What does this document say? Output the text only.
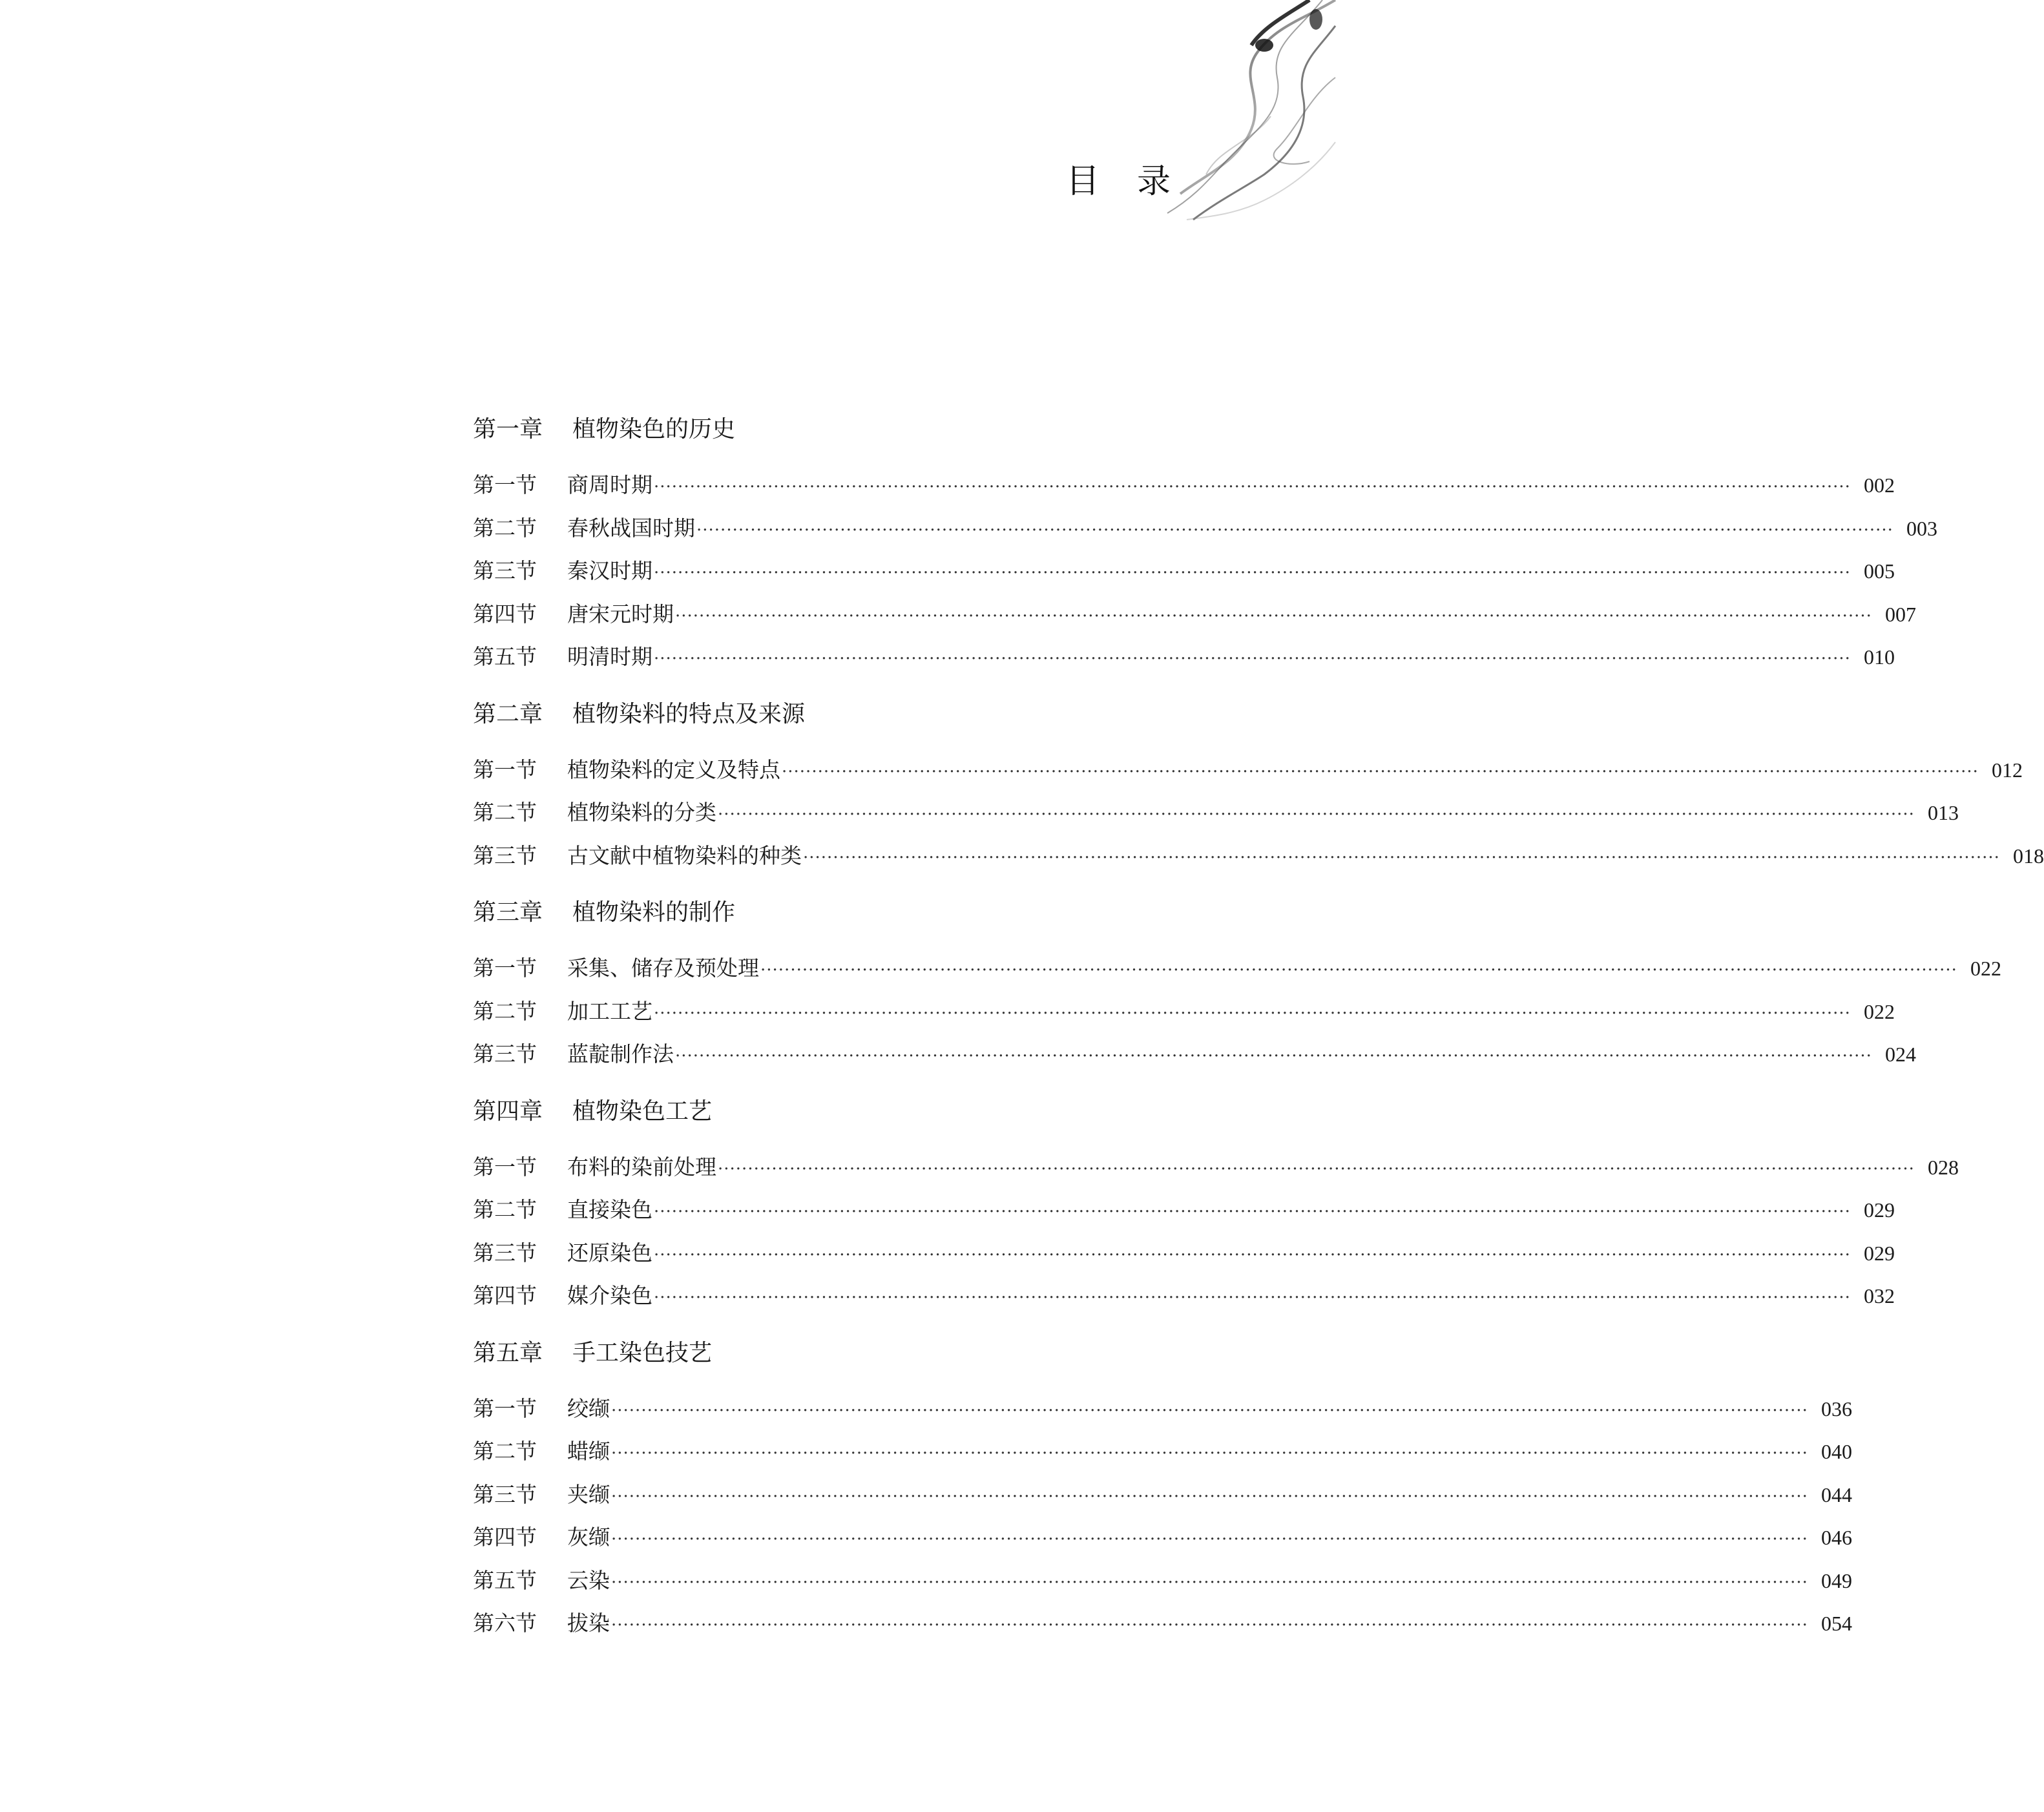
目录
第一章	植物染色的历史
第一节	商周时期 ········································································································································································································ 002
第二节	春秋战国时期 ········································································································································································································ 003
第三节	秦汉时期 ········································································································································································································ 005
第四节	唐宋元时期 ········································································································································································································ 007
第五节	明清时期 ········································································································································································································ 010
第二章	植物染料的特点及来源
第一节	植物染料的定义及特点 ········································································································································································································ 012
第二节	植物染料的分类 ········································································································································································································ 013
第三节	古文献中植物染料的种类 ········································································································································································································ 018
第三章	植物染料的制作
第一节	采集、储存及预处理 ········································································································································································································ 022
第二节	加工工艺 ········································································································································································································ 022
第三节	蓝靛制作法 ········································································································································································································ 024
第四章	植物染色工艺
第一节	布料的染前处理 ········································································································································································································ 028
第二节	直接染色 ········································································································································································································ 029
第三节	还原染色 ········································································································································································································ 029
第四节	媒介染色 ········································································································································································································ 032
第五章	手工染色技艺
第一节	绞缬 ········································································································································································································ 036
第二节	蜡缬 ········································································································································································································ 040
第三节	夹缬 ········································································································································································································ 044
第四节	灰缬 ········································································································································································································ 046
第五节	云染 ········································································································································································································ 049
第六节	拔染 ········································································································································································································ 054
